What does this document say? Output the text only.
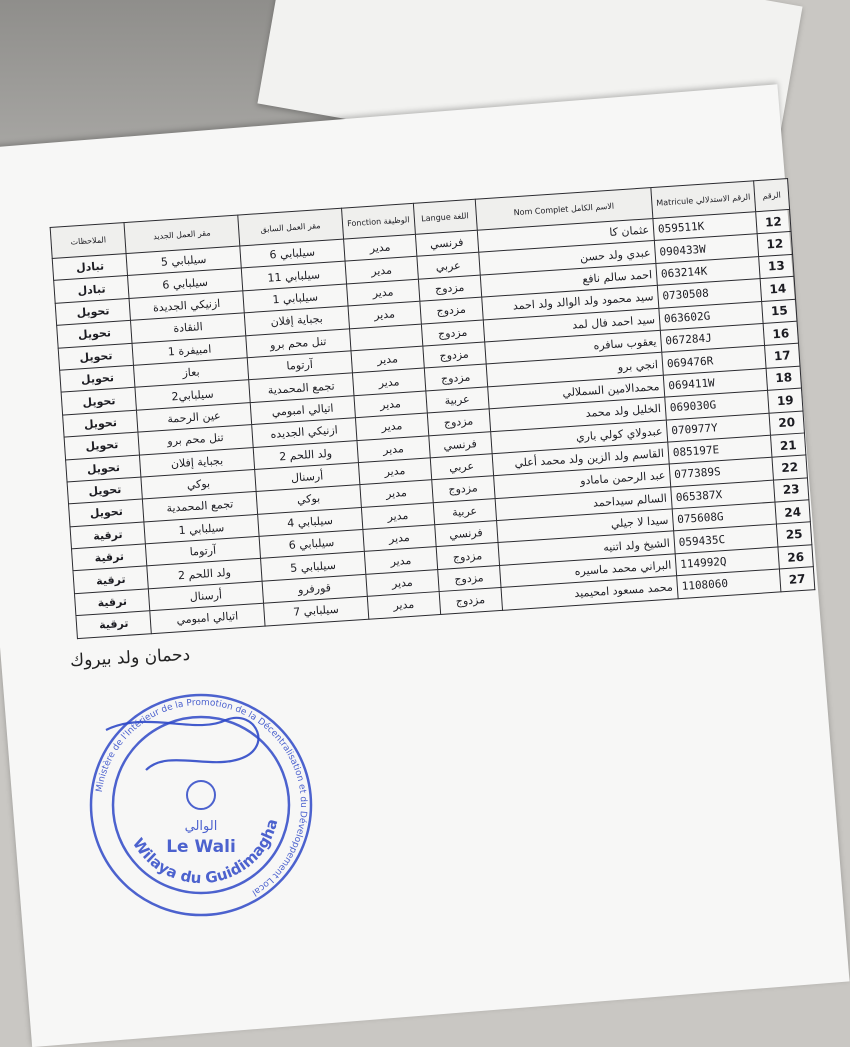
الرقم	الرقم الاستدلالي Matricule	الاسم الكامل Nom Complet	اللغة Langue	الوظيفة Fonction	مقر العمل السابق	مقر العمل الجديد	الملاحظات
12	059511K	عثمان كا	فرنسي	مدير	سيلبابي 6	سيلبابي 5	تبادل
12	090433W	عبدي ولد حسن	عربي	مدير	سيلبابي 11	سيلبابي 6	تبادل
13	063214K	احمد سالم نافع	مزدوج	مدير	سيلبابي 1	ازنيكي الجديدة	تحويل
14	0730508	سيد محمود ولد الوالد ولد احمد	مزدوج	مدير	بجباية إفلان	النقادة	تحويل
15	063602G	سيد احمد فال لمد	مزدوج		تنل محم برو	امبيفرة 1	تحويل
16	067284J	يعقوب سافره	مزدوج	مدير	آرتوما	بعاز	تحويل
17	069476R	انجي برو	مزدوج	مدير	تجمع المحمدية	سيلبابي2	تحويل
18	069411W	محمدالامين السملالي	عربية	مدير	اتيالي امبومي	عين الرحمة	تحويل
19	069030G	الخليل ولد محمد	مزدوج	مدير	ازنيكي الجديده	تنل محم برو	تحويل
20	070977Y	عبدولاي كولي باري	فرنسي	مدير	ولد اللحم 2	بجباية إفلان	تحويل
21	085197E	القاسم ولد الزين ولد محمد أعلي	عربي	مدير	أرسنال	بوكي	تحويل
22	077389S	عبد الرحمن مامادو	مزدوج	مدير	بوكي	تجمع المحمدية	تحويل
23	065387X	السالم سيداحمد	عربية	مدير	سيلبابي 4	سيلبابي 1	ترقية
24	075608G	سيدا لا جيلي	فرنسي	مدير	سيلبابي 6	آرتوما	ترقية
25	059435C	الشيخ ولد اتنيه	مزدوج	مدير	سيلبابي 5	ولد اللحم 2	ترقية
26	114992Q	البراني محمد ماسيره	مزدوج	مدير	قورفرو	أرسنال	ترقية
27	1108060	محمد مسعود امحيميد	مزدوج	مدير	سيلبابي 7	اتيالي امبومي	ترقية
دحمان ولد بيروك
Ministère de l'Intérieur de la Promotion de la Décentralisation et du Développement Local
Wilaya du Guidimagha
الوالي
Le Wali
